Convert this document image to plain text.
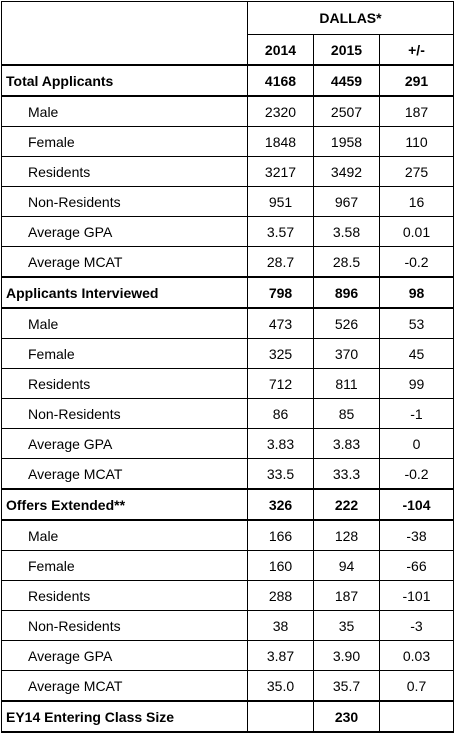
	DALLAS*		
	2014	2015	+/-
Total Applicants	4168	4459	291
Male	2320	2507	187
Female	1848	1958	110
Residents	3217	3492	275
Non-Residents	951	967	16
Average GPA	3.57	3.58	0.01
Average MCAT	28.7	28.5	-0.2
Applicants Interviewed	798	896	98
Male	473	526	53
Female	325	370	45
Residents	712	811	99
Non-Residents	86	85	-1
Average GPA	3.83	3.83	0
Average MCAT	33.5	33.3	-0.2
Offers Extended**	326	222	-104
Male	166	128	-38
Female	160	94	-66
Residents	288	187	-101
Non-Residents	38	35	-3
Average GPA	3.87	3.90	0.03
Average MCAT	35.0	35.7	0.7
EY14 Entering Class Size		230	
